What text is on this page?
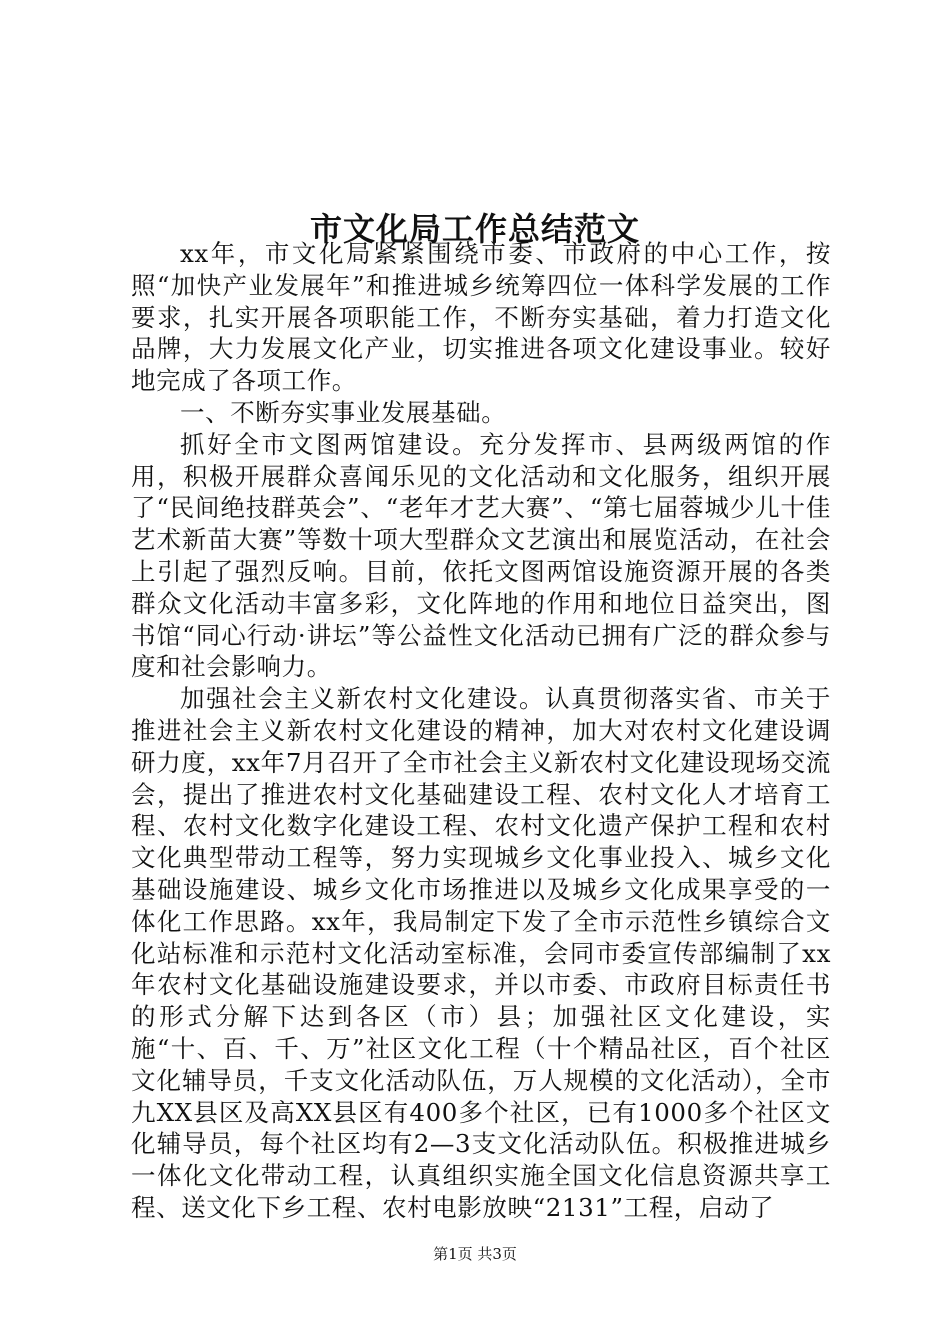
市文化局工作总结范文

xx年，市文化局紧紧围绕市委、市政府的中心工作，按照“加快产业发展年”和推进城乡统筹四位一体科学发展的工作要求，扎实开展各项职能工作，不断夯实基础，着力打造文化品牌，大力发展文化产业，切实推进各项文化建设事业。较好地完成了各项工作。

一、不断夯实事业发展基础。

抓好全市文图两馆建设。充分发挥市、县两级两馆的作用，积极开展群众喜闻乐见的文化活动和文化服务，组织开展了“民间绝技群英会”、“老年才艺大赛”、“第七届蓉城少儿十佳艺术新苗大赛”等数十项大型群众文艺演出和展览活动，在社会上引起了强烈反响。目前，依托文图两馆设施资源开展的各类群众文化活动丰富多彩，文化阵地的作用和地位日益突出，图书馆“同心行动·讲坛”等公益性文化活动已拥有广泛的群众参与度和社会影响力。

加强社会主义新农村文化建设。认真贯彻落实省、市关于推进社会主义新农村文化建设的精神，加大对农村文化建设调研力度，xx年7月召开了全市社会主义新农村文化建设现场交流会，提出了推进农村文化基础建设工程、农村文化人才培育工程、农村文化数字化建设工程、农村文化遗产保护工程和农村文化典型带动工程等，努力实现城乡文化事业投入、城乡文化基础设施建设、城乡文化市场推进以及城乡文化成果享受的一体化工作思路。xx年，我局制定下发了全市示范性乡镇综合文化站标准和示范村文化活动室标准，会同市委宣传部编制了xx年农村文化基础设施建设要求，并以市委、市政府目标责任书的形式分解下达到各区（市）县；加强社区文化建设，实施“十、百、千、万”社区文化工程（十个精品社区，百个社区文化辅导员，千支文化活动队伍，万人规模的文化活动），全市九XX县区及高XX县区有400多个社区，已有1000多个社区文化辅导员，每个社区均有2—3支文化活动队伍。积极推进城乡一体化文化带动工程，认真组织实施全国文化信息资源共享工程、送文化下乡工程、农村电影放映“2131”工程，启动了

第1页 共3页
